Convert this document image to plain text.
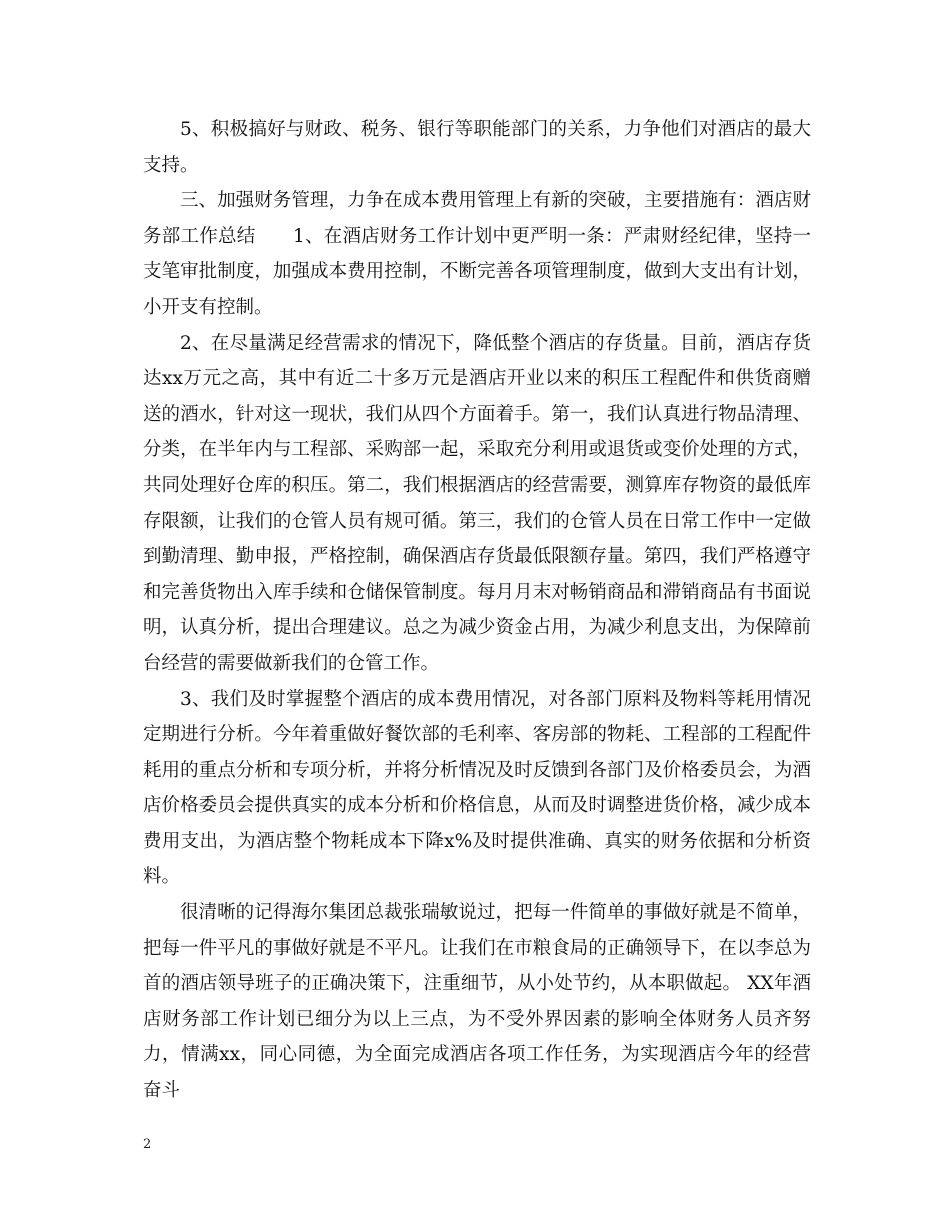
5、积极搞好与财政、税务、银行等职能部门的关系，力争他们对酒店的最大支持。

三、加强财务管理，力争在成本费用管理上有新的突破，主要措施有：酒店财务部工作总结　　1、在酒店财务工作计划中更严明一条：严肃财经纪律，坚持一支笔审批制度，加强成本费用控制，不断完善各项管理制度，做到大支出有计划，小开支有控制。

2、在尽量满足经营需求的情况下，降低整个酒店的存货量。目前，酒店存货达xx万元之高，其中有近二十多万元是酒店开业以来的积压工程配件和供货商赠送的酒水，针对这一现状，我们从四个方面着手。第一，我们认真进行物品清理、分类，在半年内与工程部、采购部一起，采取充分利用或退货或变价处理的方式，共同处理好仓库的积压。第二，我们根据酒店的经营需要，测算库存物资的最低库存限额，让我们的仓管人员有规可循。第三，我们的仓管人员在日常工作中一定做到勤清理、勤申报，严格控制，确保酒店存货最低限额存量。第四，我们严格遵守和完善货物出入库手续和仓储保管制度。每月月末对畅销商品和滞销商品有书面说明，认真分析，提出合理建议。总之为减少资金占用，为减少利息支出，为保障前台经营的需要做新我们的仓管工作。

3、我们及时掌握整个酒店的成本费用情况，对各部门原料及物料等耗用情况定期进行分析。今年着重做好餐饮部的毛利率、客房部的物耗、工程部的工程配件耗用的重点分析和专项分析，并将分析情况及时反馈到各部门及价格委员会，为酒店价格委员会提供真实的成本分析和价格信息，从而及时调整进货价格，减少成本费用支出，为酒店整个物耗成本下降x%及时提供准确、真实的财务依据和分析资料。

很清晰的记得海尔集团总裁张瑞敏说过，把每一件简单的事做好就是不简单，把每一件平凡的事做好就是不平凡。让我们在市粮食局的正确领导下，在以李总为首的酒店领导班子的正确决策下，注重细节，从小处节约，从本职做起。 XX年酒店财务部工作计划已细分为以上三点，为不受外界因素的影响全体财务人员齐努力，情满xx，同心同德，为全面完成酒店各项工作任务，为实现酒店今年的经营奋斗

2
